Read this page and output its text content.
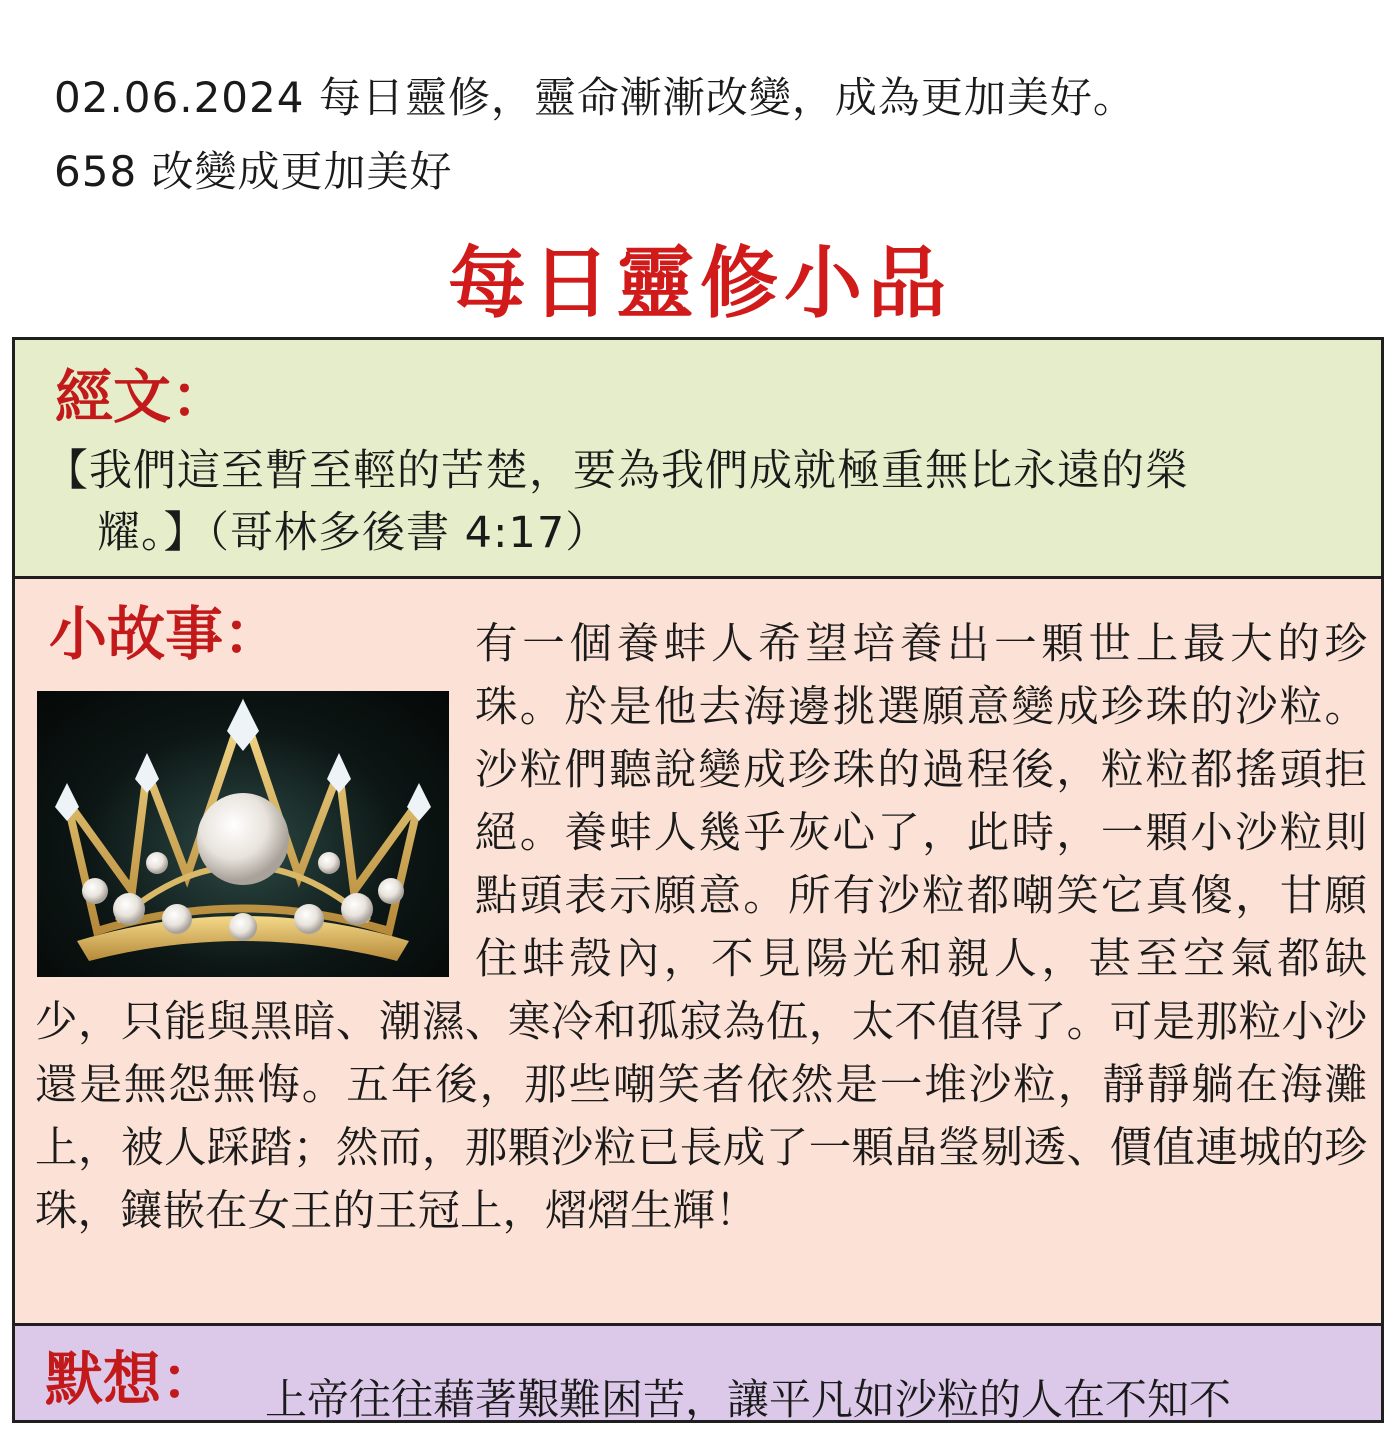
02.06.2024 每日靈修，靈命漸漸改變，成為更加美好。
658 改變成更加美好
每日靈修小品
經文：
【我們這至暫至輕的苦楚，要為我們成就極重無比永遠的榮
耀。】（哥林多後書 4:17）
小故事：	有一個養蚌人希望培養出一顆世上最大的珍珠。於是他去海邊挑選願意變成珍珠的沙粒。沙粒們聽說變成珍珠的過程後，粒粒都搖頭拒絕。養蚌人幾乎灰心了，此時，一顆小沙粒則點頭表示願意。所有沙粒都嘲笑它真傻，甘願住蚌殼內，不見陽光和親人，甚至空氣都缺少，只能與黑暗、潮濕、寒冷和孤寂為伍，太不值得了。可是那粒小沙還是無怨無悔。五年後，那些嘲笑者依然是一堆沙粒，靜靜躺在海灘上，被人踩踏；然而，那顆沙粒已長成了一顆晶瑩剔透、價值連城的珍珠，鑲嵌在女王的王冠上，熠熠生輝！
默想： 上帝往往藉著艱難困苦，讓平凡如沙粒的人在不知不
